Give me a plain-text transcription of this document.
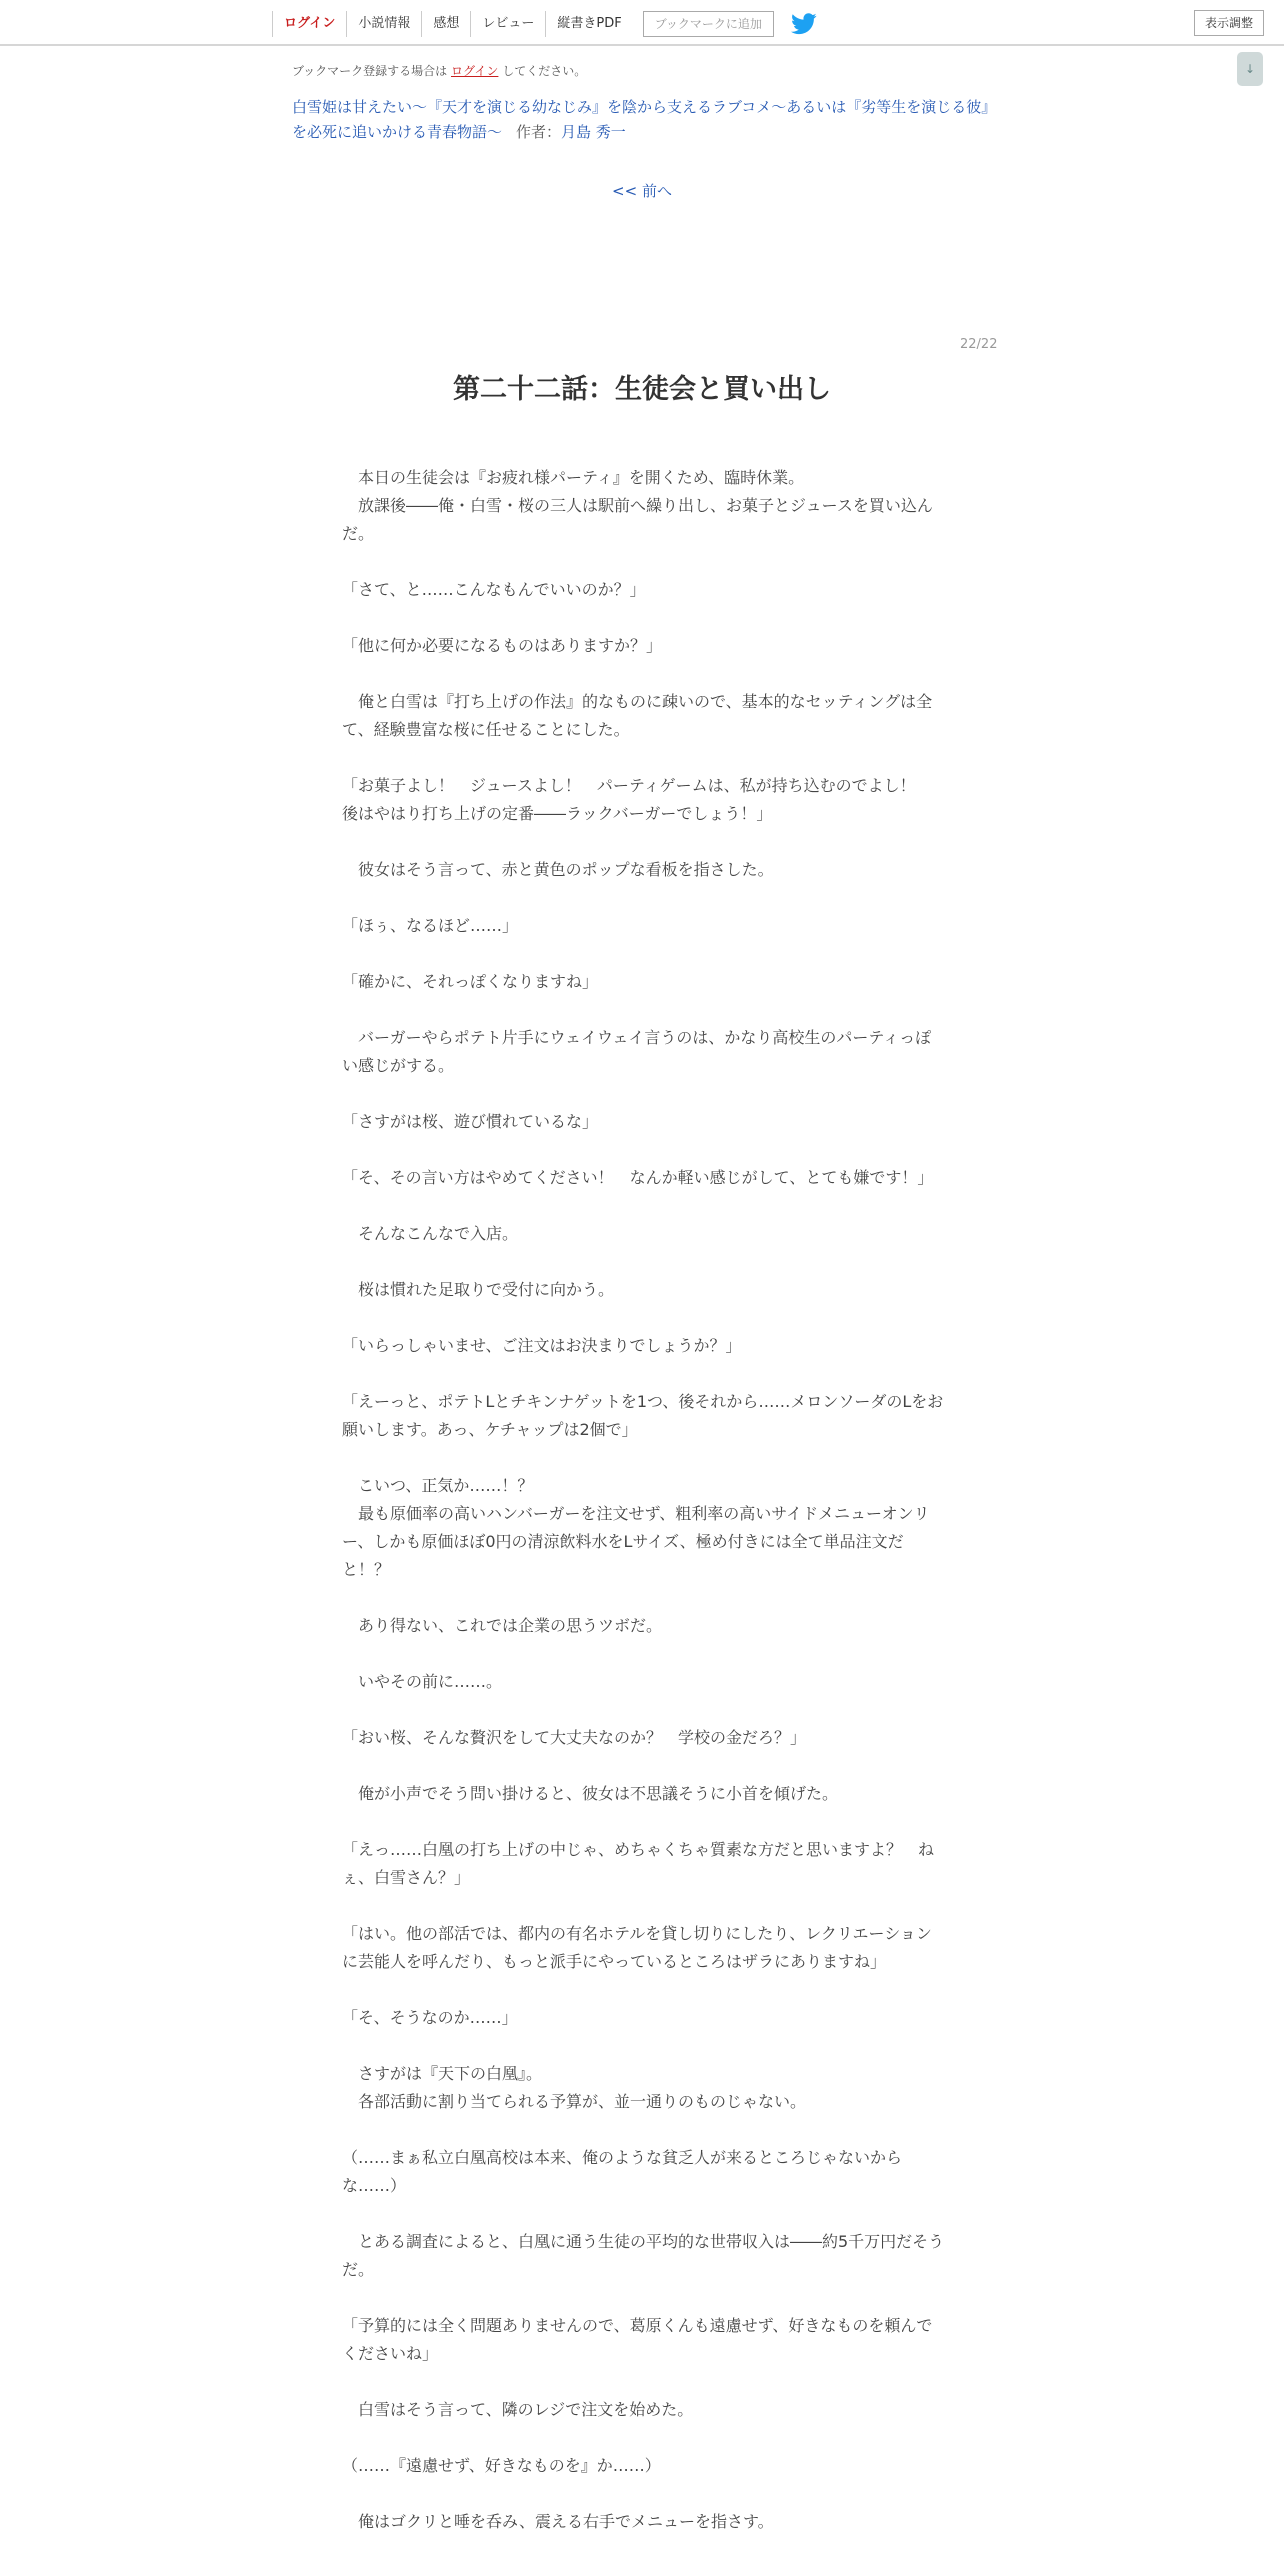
ログイン	小説情報	感想	レビュー	縦書きPDF	ブックマークに追加	表示調整
ブックマーク登録する場合は ログイン してください。	↓
白雪姫は甘えたい～『天才を演じる幼なじみ』を陰から支えるラブコメ～あるいは『劣等生を演じる彼』を必死に追いかける青春物語～ 作者：月島 秀一
<< 前へ
22/22
第二十二話：生徒会と買い出し

　本日の生徒会は『お疲れ様パーティ』を開くため、臨時休業。

　放課後――俺・白雪・桜の三人は駅前へ繰り出し、お菓子とジュースを買い込んだ。

「さて、と……こんなもんでいいのか？」

「他に何か必要になるものはありますか？」

　俺と白雪は『打ち上げの作法』的なものに疎いので、基本的なセッティングは全て、経験豊富な桜に任せることにした。

「お菓子よし！　ジュースよし！　パーティゲームは、私が持ち込むのでよし！　後はやはり打ち上げの定番――ラックバーガーでしょう！」

　彼女はそう言って、赤と黄色のポップな看板を指さした。

「ほぅ、なるほど……」

「確かに、それっぽくなりますね」

　バーガーやらポテト片手にウェイウェイ言うのは、かなり高校生のパーティっぽい感じがする。

「さすがは桜、遊び慣れているな」

「そ、その言い方はやめてください！　なんか軽い感じがして、とても嫌です！」

　そんなこんなで入店。

　桜は慣れた足取りで受付に向かう。

「いらっしゃいませ、ご注文はお決まりでしょうか？」

「えーっと、ポテトLとチキンナゲットを1つ、後それから……メロンソーダのLをお願いします。あっ、ケチャップは2個で」

　こいつ、正気か……！？

　最も原価率の高いハンバーガーを注文せず、粗利率の高いサイドメニューオンリー、しかも原価ほぼ0円の清涼飲料水をLサイズ、極め付きには全て単品注文だと！？

　あり得ない、これでは企業の思うツボだ。

　いやその前に……。

「おい桜、そんな贅沢をして大丈夫なのか？　学校の金だろ？」

　俺が小声でそう問い掛けると、彼女は不思議そうに小首を傾げた。

「えっ……白凰の打ち上げの中じゃ、めちゃくちゃ質素な方だと思いますよ？　ねぇ、白雪さん？」

「はい。他の部活では、都内の有名ホテルを貸し切りにしたり、レクリエーションに芸能人を呼んだり、もっと派手にやっているところはザラにありますね」

「そ、そうなのか……」

　さすがは『天下の白凰』。

　各部活動に割り当てられる予算が、並一通りのものじゃない。

（……まぁ私立白凰高校は本来、俺のような貧乏人が来るところじゃないからな……）

　とある調査によると、白凰に通う生徒の平均的な世帯収入は――約5千万円だそうだ。

「予算的には全く問題ありませんので、葛原くんも遠慮せず、好きなものを頼んでくださいね」

　白雪はそう言って、隣のレジで注文を始めた。

（……『遠慮せず、好きなものを』か……）

　俺はゴクリと唾を呑み、震える右手でメニューを指さす。
